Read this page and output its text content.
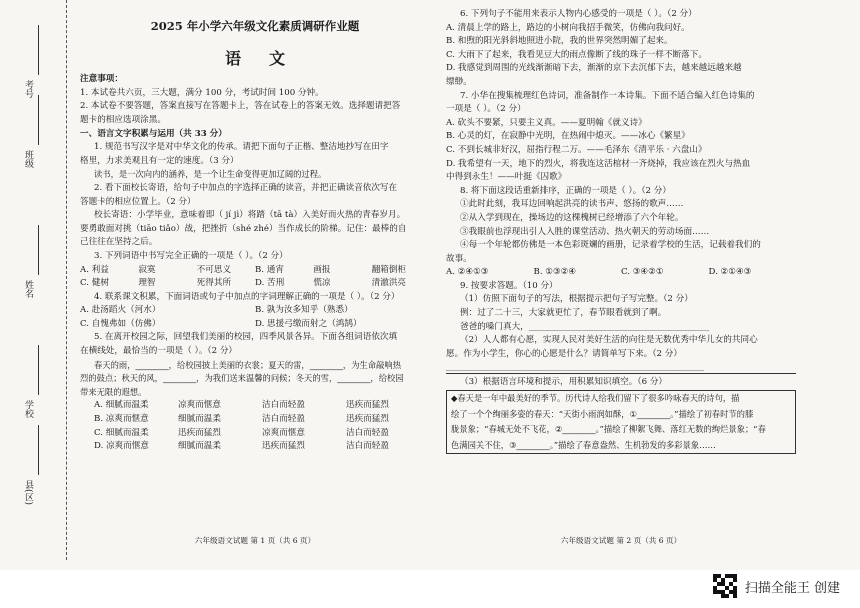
考号
班级
姓名
学校
县(区)
2025 年小学六年级文化素质调研作业题
语文
注意事项：
1. 本试卷共六页，三大题，满分 100 分，考试时间 100 分钟。
2. 本试卷不要答题，答案直接写在答题卡上，答在试卷上的答案无效。选择题请把答
题卡的相应选项涂黑。
一、语言文字积累与运用（共 33 分）
1. 规范书写汉字是对中华文化的传承。请把下面句子正楷、整洁地抄写在田字
格里，力求美观且有一定的速度。（3 分）
读书，是一次向内的涵养，是一个让生命变得更加辽阔的过程。
2. 看下面校长寄语，给句子中加点的字选择正确的读音，并把正确读音依次写在
答题卡的相应位置上。（2 分）
校长寄语：小学毕业，意味着即（ jí jì）将踏（tā tà）入美好而火热的青春岁月。
要勇敢面对挑（tiāo tiǎo）战，把挫折（shé zhé）当作成长的阶梯。记住：最棒的自
己往往在坚持之后。
3. 下列词语中书写完全正确的一项是（ ）。（2 分）
A. 利益	寂寞	不可思义	B. 通宵	画报	翻箱倒柜
C. 健树	理智	死得其所	D. 苦刑	慌凉	清澈洪亮
4. 联系课文积累，下面词语或句子中加点的字词理解正确的一项是（ ）。（2 分）
A. 赴汤蹈火（河水）	B. 孰为汝多知乎（熟悉）
C. 自愧弗如（仿佛）	D. 思援弓缴而射之（鸿鹄）
5. 在离开校园之际，回望我们美丽的校园，四季风景各异。下面各组词语依次填
在横线处，最恰当的一项是（ ）。（2 分）
春天的雨，________，给校园披上美丽的衣裳；夏天的雷，________，为生命敲响热
烈的鼓点；秋天的风，________，为我们送来温馨的问候；冬天的雪，________，给校园
带来无限的遐想。
A. 细腻而温柔	凉爽而惬意	洁白而轻盈	迅疾而猛烈
B. 凉爽而惬意	细腻而温柔	洁白而轻盈	迅疾而猛烈
C. 细腻而温柔	迅疾而猛烈	凉爽而惬意	洁白而轻盈
D. 凉爽而惬意	细腻而温柔	迅疾而猛烈	洁白而轻盈
六年级语文试题 第 1 页（共 6 页）
6. 下列句子不能用来表示人物内心感受的一项是（ ）。（2 分）
A. 清晨上学的路上，路边的小树向我招手微笑，仿佛向我问好。
B. 和煦的阳光斜斜地照进小院，我的世界突然明媚了起来。
C. 大雨下了起来，我看见豆大的雨点像断了线的珠子一样不断落下。
D. 我感觉到周围的光线渐渐暗下去，渐渐的京下去沉郁下去，越来越远越来越
缥缈。
7. 小华在搜集梳理红色诗词，准备制作一本诗集。下面不适合编入红色诗集的
一项是（ ）。（2 分）
A. 砍头不要紧，只要主义真。——夏明翰《就义诗》
B. 心灵的灯，在寂静中光明，在热闹中熄灭。——冰心《繁星》
C. 不到长城非好汉，屈指行程二万。——毛泽东《清平乐 · 六盘山》
D. 我希望有一天，地下的烈火，将我连这活棺材一齐烧掉，我应该在烈火与热血
中得到永生！——叶挺《囚歌》
8. 将下面这段话重新排序，正确的一项是（ ）。（2 分）
①此时此刻，我耳边回响起洪亮的读书声、悠扬的歌声……
②从入学到现在，操场边的这棵槐树已经增添了六个年轮。
③我眼前也浮现出引人入胜的课堂活动、热火朝天的劳动场面……
④每一个年轮都仿佛是一本色彩斑斓的画册，记录着学校的生活，记载着我们的
故事。
A. ②④①③	B. ①③②④	C. ③④②①	D. ②①④③
9. 按要求答题。（10 分）
（1）仿照下面句子的写法，根据提示把句子写完整。（2 分）
例：过了二十三，大家就更忙了，春节眼看就到了啊。
爸爸的嗓门真大，__________________________________________
（2）人人都有心愿，实现人民对美好生活的向往是无数优秀中华儿女的共同心
愿。作为小学生，你心的心愿是什么？请简单写下来。（2 分）
____________________________________________________________
（3）根据语言环境和提示，用积累知识填空。（6 分）
◆春天是一年中最美好的季节。历代诗人给我们留下了很多吟咏春天的诗句，描
绘了一个个绚丽多姿的春天：“天街小雨润如酥，①________。”描绘了初春时节的膝
胧景象；“春城无处不飞花，②________。”描绘了柳絮飞舞、落红无数的绚烂景象；“春
色满园关不住，③________。”描绘了春意盎然、生机勃发的多彩景象……
六年级语文试题 第 2 页（共 6 页）
扫描全能王 创建
